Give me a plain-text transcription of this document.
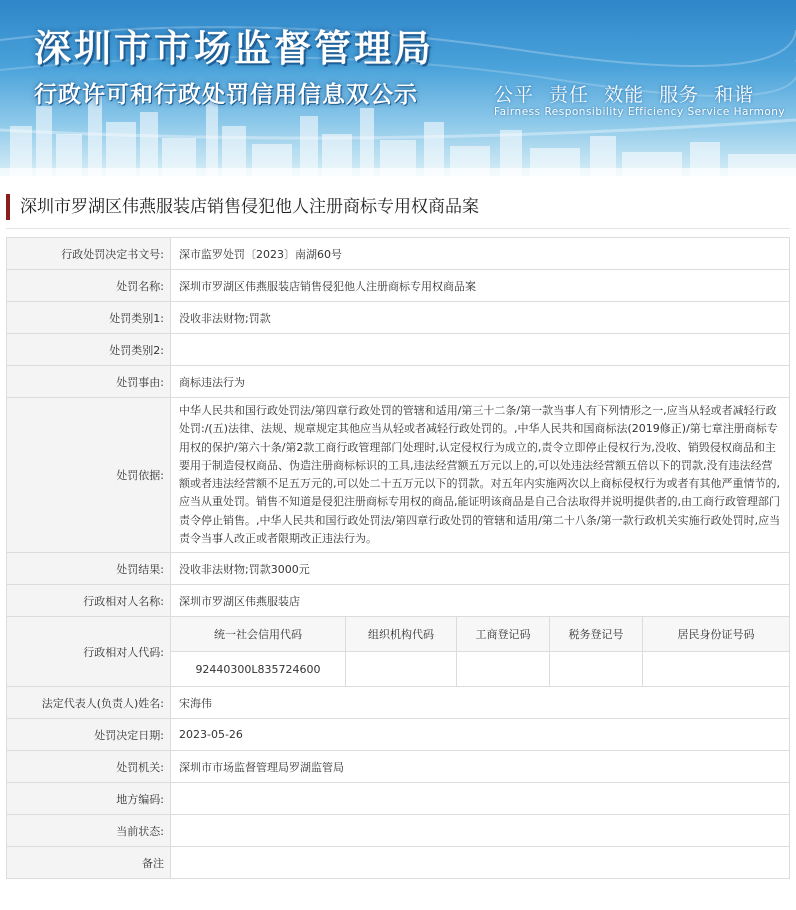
深圳市市场监督管理局
行政许可和行政处罚信用信息双公示	公平 责任 效能 服务 和谐
Fairness Responsibility Efficiency Service Harmony
深圳市罗湖区伟燕服装店销售侵犯他人注册商标专用权商品案
行政处罚决定书文号:	深市监罗处罚〔2023〕南湖60号
处罚名称:	深圳市罗湖区伟燕服装店销售侵犯他人注册商标专用权商品案
处罚类别1:	没收非法财物;罚款
处罚类别2:	
处罚事由:	商标违法行为
处罚依据:	中华人民共和国行政处罚法/第四章行政处罚的管辖和适用/第三十二条/第一款当事人有下列情形之一,应当从轻或者减轻行政处罚:/(五)法律、法规、规章规定其他应当从轻或者减轻行政处罚的。,中华人民共和国商标法(2019修正)/第七章注册商标专用权的保护/第六十条/第2款工商行政管理部门处理时,认定侵权行为成立的,责令立即停止侵权行为,没收、销毁侵权商品和主要用于制造侵权商品、伪造注册商标标识的工具,违法经营额五万元以上的,可以处违法经营额五倍以下的罚款,没有违法经营额或者违法经营额不足五万元的,可以处二十五万元以下的罚款。对五年内实施两次以上商标侵权行为或者有其他严重情节的,应当从重处罚。销售不知道是侵犯注册商标专用权的商品,能证明该商品是自己合法取得并说明提供者的,由工商行政管理部门责令停止销售。,中华人民共和国行政处罚法/第四章行政处罚的管辖和适用/第二十八条/第一款行政机关实施行政处罚时,应当责令当事人改正或者限期改正违法行为。
处罚结果:	没收非法财物;罚款3000元
行政相对人名称:	深圳市罗湖区伟燕服装店
行政相对人代码:	
统一社会信用代码	组织机构代码	工商登记码	税务登记号	居民身份证号码
92440300L835724600				

法定代表人(负责人)姓名:	宋海伟
处罚决定日期:	2023-05-26
处罚机关:	深圳市市场监督管理局罗湖监管局
地方编码:	
当前状态:	
备注	
